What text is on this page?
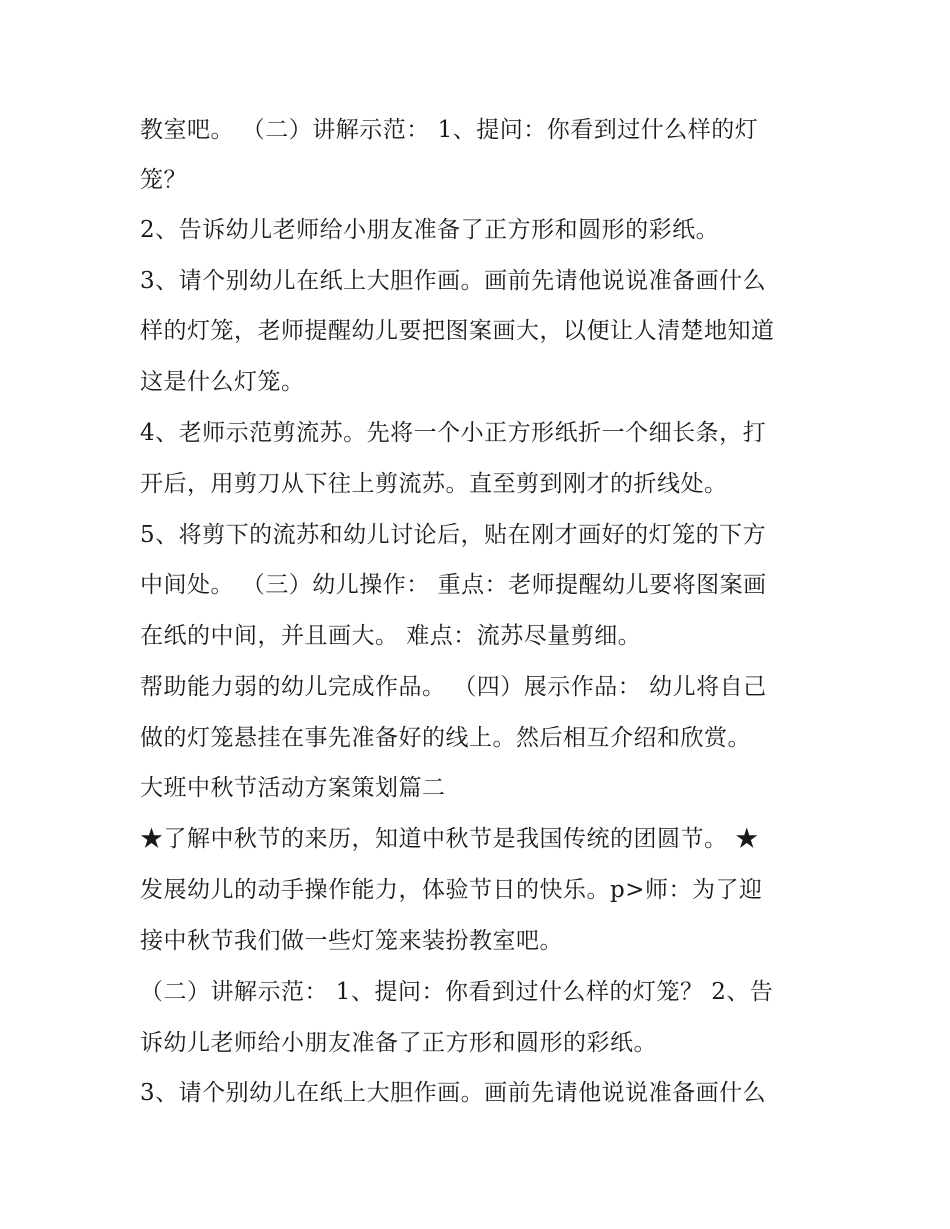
教室吧。 （二）讲解示范： 1、提问：你看到过什么样的灯
笼？
2、告诉幼儿老师给小朋友准备了正方形和圆形的彩纸。
3、请个别幼儿在纸上大胆作画。画前先请他说说准备画什么
样的灯笼，老师提醒幼儿要把图案画大，以便让人清楚地知道
这是什么灯笼。
4、老师示范剪流苏。先将一个小正方形纸折一个细长条，打
开后，用剪刀从下往上剪流苏。直至剪到刚才的折线处。
5、将剪下的流苏和幼儿讨论后，贴在刚才画好的灯笼的下方
中间处。 （三）幼儿操作： 重点：老师提醒幼儿要将图案画
在纸的中间，并且画大。 难点：流苏尽量剪细。
帮助能力弱的幼儿完成作品。 （四）展示作品： 幼儿将自己
做的灯笼悬挂在事先准备好的线上。然后相互介绍和欣赏。
大班中秋节活动方案策划篇二
★了解中秋节的来历，知道中秋节是我国传统的团圆节。 ★
发展幼儿的动手操作能力，体验节日的快乐。p>师：为了迎
接中秋节我们做一些灯笼来装扮教室吧。
（二）讲解示范： 1、提问：你看到过什么样的灯笼？ 2、告
诉幼儿老师给小朋友准备了正方形和圆形的彩纸。
3、请个别幼儿在纸上大胆作画。画前先请他说说准备画什么
